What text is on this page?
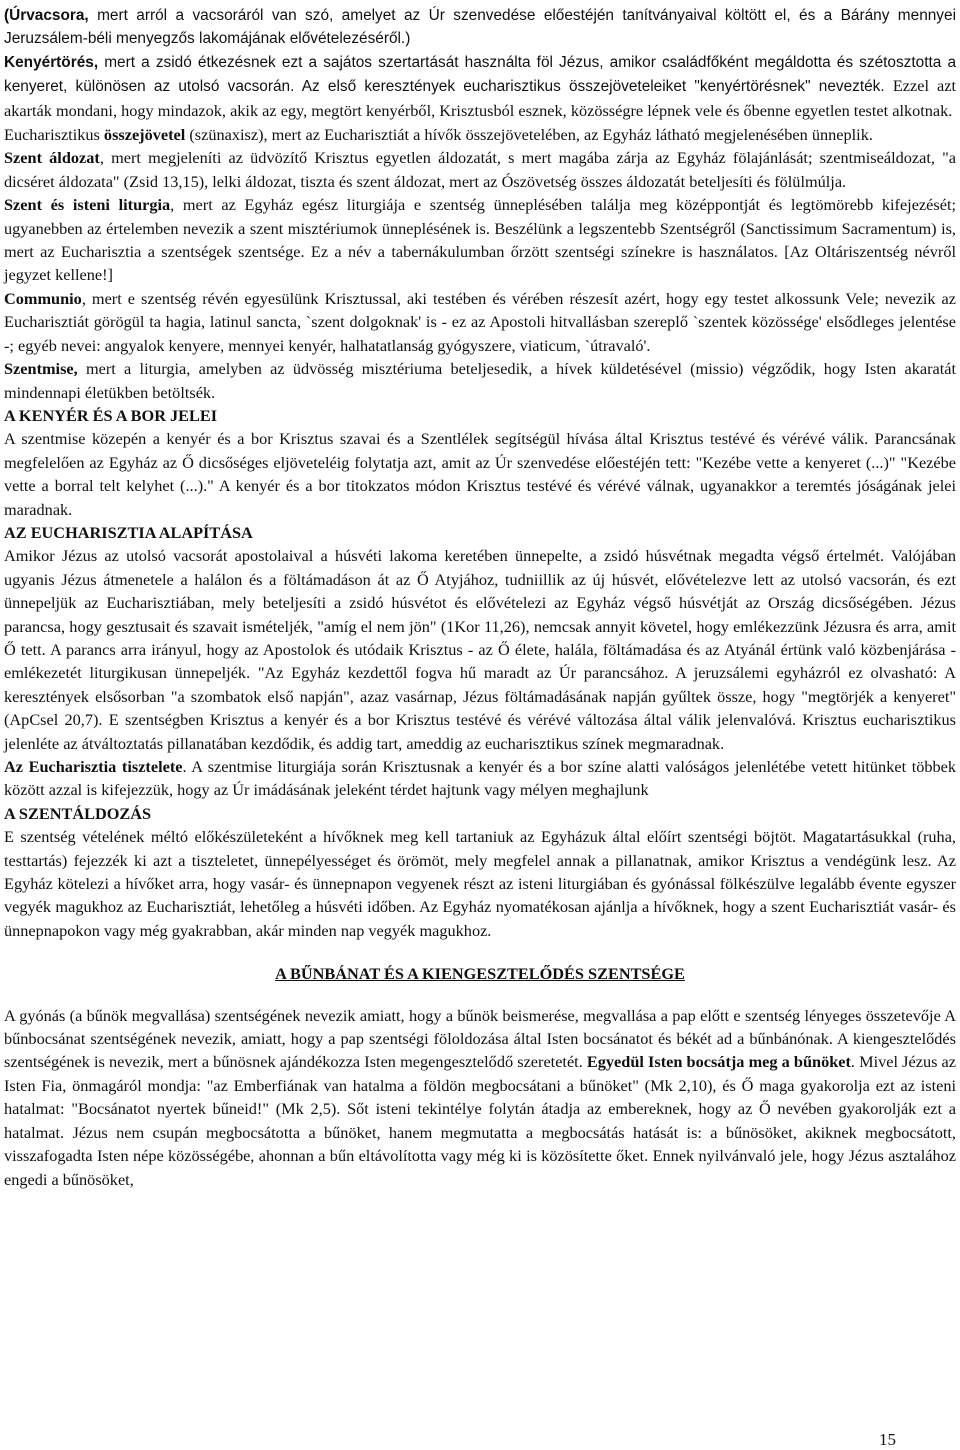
(Úrvacsora, mert arról a vacsoráról van szó, amelyet az Úr szenvedése előestéjén tanítványaival költött el, és a Bárány mennyei Jeruzsálem-béli menyegzős lakomájának elővételezéséről.)

Kenyértörés, mert a zsidó étkezésnek ezt a sajátos szertartását használta föl Jézus, amikor családfőként megáldotta és szétosztotta a kenyeret, különösen az utolsó vacsorán. Az első keresztények eucharisztikus összejöveteleiket "kenyértörésnek" nevezték. Ezzel azt akarták mondani, hogy mindazok, akik az egy, megtört kenyérből, Krisztusból esznek, közösségre lépnek vele és őbenne egyetlen testet alkotnak.

Eucharisztikus összejövetel (szünaxisz), mert az Eucharisztiát a hívők összejövetelében, az Egyház látható megjelenésében ünneplik.

Szent áldozat, mert megjeleníti az üdvözítő Krisztus egyetlen áldozatát, s mert magába zárja az Egyház fölajánlását; szentmiseáldozat, "a dicséret áldozata" (Zsid 13,15), lelki áldozat, tiszta és szent áldozat, mert az Ószövetség összes áldozatát beteljesíti és fölülmúlja.

Szent és isteni liturgia, mert az Egyház egész liturgiája e szentség ünneplésében találja meg középpontját és legtömörebb kifejezését; ugyanebben az értelemben nevezik a szent misztériumok ünneplésének is. Beszélünk a legszentebb Szentségről (Sanctissimum Sacramentum) is, mert az Eucharisztia a szentségek szentsége. Ez a név a tabernákulumban őrzött szentségi színekre is használatos. [Az Oltáriszentség névről jegyzet kellene!]

Communio, mert e szentség révén egyesülünk Krisztussal, aki testében és vérében részesít azért, hogy egy testet alkossunk Vele; nevezik az Eucharisztiát görögül ta hagia, latinul sancta, `szent dolgoknak' is - ez az Apostoli hitvallásban szereplő `szentek közössége' elsődleges jelentése -; egyéb nevei: angyalok kenyere, mennyei kenyér, halhatatlanság gyógyszere, viaticum, `útravaló'.

Szentmise, mert a liturgia, amelyben az üdvösség misztériuma beteljesedik, a hívek küldetésével (missio) végződik, hogy Isten akaratát mindennapi életükben betöltsék.

A KENYÉR ÉS A BOR JELEI

A szentmise közepén a kenyér és a bor Krisztus szavai és a Szentlélek segítségül hívása által Krisztus testévé és vérévé válik. Parancsának megfelelően az Egyház az Ő dicsőséges eljöveteléig folytatja azt, amit az Úr szenvedése előestéjén tett: "Kezébe vette a kenyeret (...)" "Kezébe vette a borral telt kelyhet (...)." A kenyér és a bor titokzatos módon Krisztus testévé és vérévé válnak, ugyanakkor a teremtés jóságának jelei maradnak.

AZ EUCHARISZTIA ALAPÍTÁSA

Amikor Jézus az utolsó vacsorát apostolaival a húsvéti lakoma keretében ünnepelte, a zsidó húsvétnak megadta végső értelmét. Valójában ugyanis Jézus átmenetele a halálon és a föltámadáson át az Ő Atyjához, tudniillik az új húsvét, elővételezve lett az utolsó vacsorán, és ezt ünnepeljük az Eucharisztiában, mely beteljesíti a zsidó húsvétot és elővételezi az Egyház végső húsvétját az Ország dicsőségében. Jézus parancsa, hogy gesztusait és szavait ismételjék, "amíg el nem jön" (1Kor 11,26), nemcsak annyit követel, hogy emlékezzünk Jézusra és arra, amit Ő tett. A parancs arra irányul, hogy az Apostolok és utódaik Krisztus - az Ő élete, halála, föltámadása és az Atyánál értünk való közbenjárása - emlékezetét liturgikusan ünnepeljék. "Az Egyház kezdettől fogva hű maradt az Úr parancsához. A jeruzsálemi egyházról ez olvasható: A keresztények elsősorban "a szombatok első napján", azaz vasárnap, Jézus föltámadásának napján gyűltek össze, hogy "megtörjék a kenyeret" (ApCsel 20,7). E szentségben Krisztus a kenyér és a bor Krisztus testévé és vérévé változása által válik jelenvalóvá. Krisztus eucharisztikus jelenléte az átváltoztatás pillanatában kezdődik, és addig tart, ameddig az eucharisztikus színek megmaradnak.

Az Eucharisztia tisztelete. A szentmise liturgiája során Krisztusnak a kenyér és a bor színe alatti valóságos jelenlétébe vetett hitünket többek között azzal is kifejezzük, hogy az Úr imádásának jeleként térdet hajtunk vagy mélyen meghajlunk

A SZENTÁLDOZÁS

E szentség vételének méltó előkészületeként a hívőknek meg kell tartaniuk az Egyházuk által előírt szentségi böjtöt. Magatartásukkal (ruha, testtartás) fejezzék ki azt a tiszteletet, ünnepélyességet és örömöt, mely megfelel annak a pillanatnak, amikor Krisztus a vendégünk lesz. Az Egyház kötelezi a hívőket arra, hogy vasár- és ünnepnapon vegyenek részt az isteni liturgiában és gyónással fölkészülve legalább évente egyszer vegyék magukhoz az Eucharisztiát, lehetőleg a húsvéti időben. Az Egyház nyomatékosan ajánlja a hívőknek, hogy a szent Eucharisztiát vasár- és ünnepnapokon vagy még gyakrabban, akár minden nap vegyék magukhoz.

A BŰNBÁNAT ÉS A KIENGESZTELŐDÉS SZENTSÉGE

A gyónás (a bűnök megvallása) szentségének nevezik amiatt, hogy a bűnök beismerése, megvallása a pap előtt e szentség lényeges összetevője A bűnbocsánat szentségének nevezik, amiatt, hogy a pap szentségi föloldozása által Isten bocsánatot és békét ad a bűnbánónak. A kiengesztelődés szentségének is nevezik, mert a bűnösnek ajándékozza Isten megengesztelődő szeretetét. Egyedül Isten bocsátja meg a bűnöket. Mivel Jézus az Isten Fia, önmagáról mondja: "az Emberfiának van hatalma a földön megbocsátani a bűnöket" (Mk 2,10), és Ő maga gyakorolja ezt az isteni hatalmat: "Bocsánatot nyertek bűneid!" (Mk 2,5). Sőt isteni tekintélye folytán átadja az embereknek, hogy az Ő nevében gyakorolják ezt a hatalmat. Jézus nem csupán megbocsátotta a bűnöket, hanem megmutatta a megbocsátás hatását is: a bűnösöket, akiknek megbocsátott, visszafogadta Isten népe közösségébe, ahonnan a bűn eltávolította vagy még ki is közösítette őket. Ennek nyilvánvaló jele, hogy Jézus asztalához engedi a bűnösöket,

15
